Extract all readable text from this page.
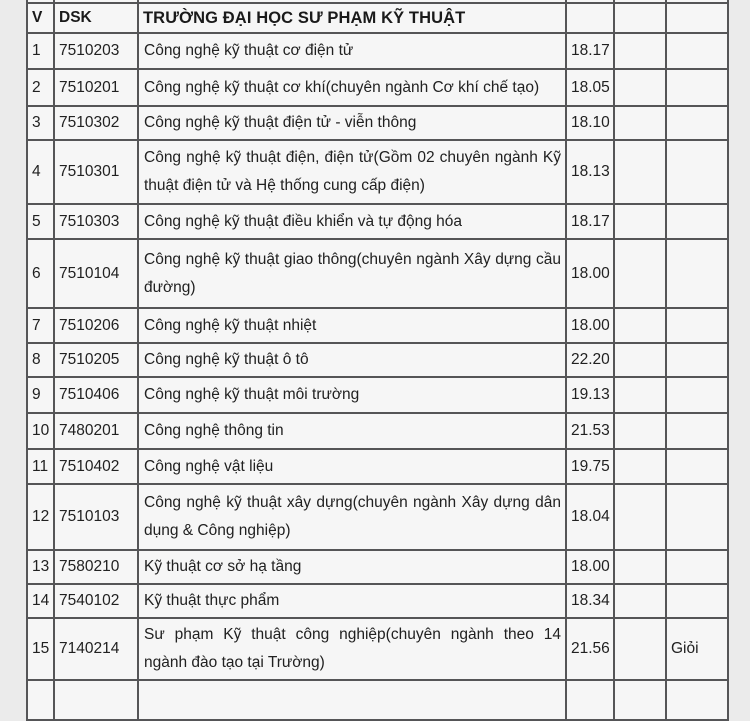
V	DSK	TRƯỜNG ĐẠI HỌC SƯ PHẠM KỸ THUẬT			
1	7510203	Công nghệ kỹ thuật cơ điện tử	18.17		
2	7510201	Công nghệ kỹ thuật cơ khí(chuyên ngành Cơ khí chế tạo)	18.05		
3	7510302	Công nghệ kỹ thuật điện tử - viễn thông	18.10		
4	7510301	Công nghệ kỹ thuật điện, điện tử(Gồm 02 chuyên ngành Kỹ thuật điện tử và Hệ thống cung cấp điện)	18.13		
5	7510303	Công nghệ kỹ thuật điều khiển và tự động hóa	18.17		
6	7510104	Công nghệ kỹ thuật giao thông(chuyên ngành Xây dựng cầu đường)	18.00		
7	7510206	Công nghệ kỹ thuật nhiệt	18.00		
8	7510205	Công nghệ kỹ thuật ô tô	22.20		
9	7510406	Công nghệ kỹ thuật môi trường	19.13		
10	7480201	Công nghệ thông tin	21.53		
11	7510402	Công nghệ vật liệu	19.75		
12	7510103	Công nghệ kỹ thuật xây dựng(chuyên ngành Xây dựng dân dụng & Công nghiệp)	18.04		
13	7580210	Kỹ thuật cơ sở hạ tầng	18.00		
14	7540102	Kỹ thuật thực phẩm	18.34		
15	7140214	Sư phạm Kỹ thuật công nghiệp(chuyên ngành theo 14 ngành đào tạo tại Trường)	21.56		Giỏi
